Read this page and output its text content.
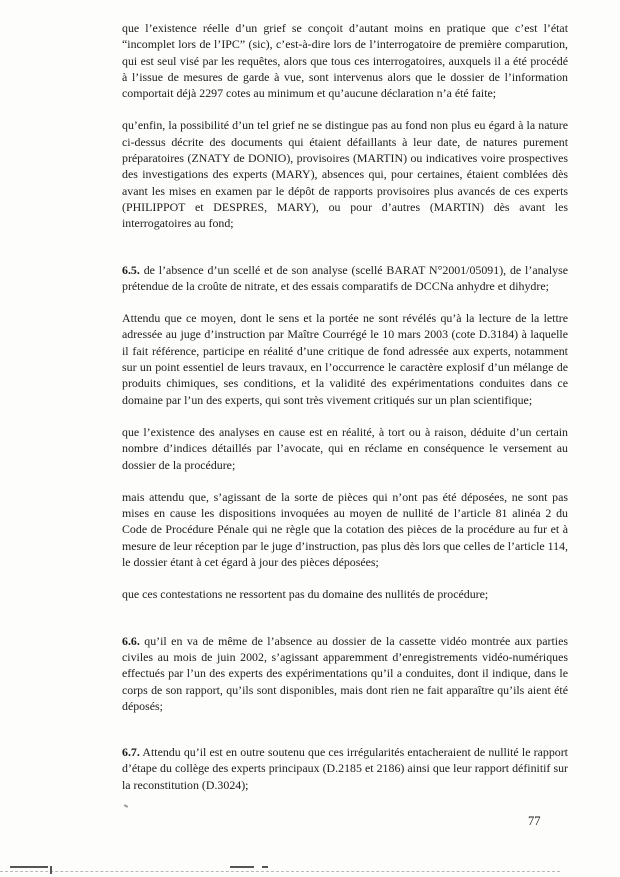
que l’existence réelle d’un grief se conçoit d’autant moins en pratique que c’est l’état “incomplet lors de l’IPC” (sic), c’est-à-dire lors de l’interrogatoire de première comparution, qui est seul visé par les requêtes, alors que tous ces interrogatoires, auxquels il a été procédé à l’issue de mesures de garde à vue, sont intervenus alors que le dossier de l’information comportait déjà 2297 cotes au minimum et qu’aucune déclaration n’a été faite;

qu’enfin, la possibilité d’un tel grief ne se distingue pas au fond non plus eu égard à la nature ci-dessus décrite des documents qui étaient défaillants à leur date, de natures purement préparatoires (ZNATY de DONIO), provisoires (MARTIN) ou indicatives voire prospectives des investigations des experts (MARY), absences qui, pour certaines, étaient comblées dès avant les mises en examen par le dépôt de rapports provisoires plus avancés de ces experts (PHILIPPOT et DESPRES, MARY), ou pour d’autres (MARTIN) dès avant les interrogatoires au fond;

6.5. de l’absence d’un scellé et de son analyse (scellé BARAT N°2001/05091), de l’analyse prétendue de la croûte de nitrate, et des essais comparatifs de DCCNa anhydre et dihydre;

Attendu que ce moyen, dont le sens et la portée ne sont révélés qu’à la lecture de la lettre adressée au juge d’instruction par Maître Courrégé le 10 mars 2003 (cote D.3184) à laquelle il fait référence, participe en réalité d’une critique de fond adressée aux experts, notamment sur un point essentiel de leurs travaux, en l’occurrence le caractère explosif d’un mélange de produits chimiques, ses conditions, et la validité des expérimentations conduites dans ce domaine par l’un des experts, qui sont très vivement critiqués sur un plan scientifique;

que l’existence des analyses en cause est en réalité, à tort ou à raison, déduite d’un certain nombre d’indices détaillés par l’avocate, qui en réclame en conséquence le versement au dossier de la procédure;

mais attendu que, s’agissant de la sorte de pièces qui n’ont pas été déposées, ne sont pas mises en cause les dispositions invoquées au moyen de nullité de l’article 81 alinéa 2 du Code de Procédure Pénale qui ne règle que la cotation des pièces de la procédure au fur et à mesure de leur réception par le juge d’instruction, pas plus dès lors que celles de l’article 114, le dossier étant à cet égard à jour des pièces déposées;

que ces contestations ne ressortent pas du domaine des nullités de procédure;

6.6. qu’il en va de même de l’absence au dossier de la cassette vidéo montrée aux parties civiles au mois de juin 2002, s’agissant apparemment d’enregistrements vidéo-numériques effectués par l’un des experts des expérimentations qu’il a conduites, dont il indique, dans le corps de son rapport, qu’ils sont disponibles, mais dont rien ne fait apparaître qu’ils aient été déposés;

6.7. Attendu qu’il est en outre soutenu que ces irrégularités entacheraient de nullité le rapport d’étape du collège des experts principaux (D.2185 et 2186) ainsi que leur rapport définitif sur la reconstitution (D.3024);

77
